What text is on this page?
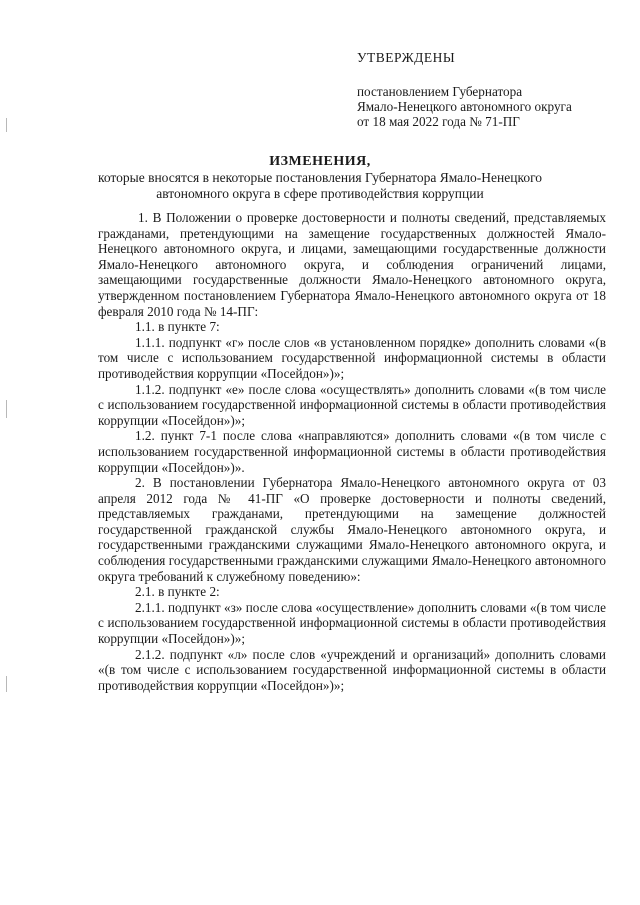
УТВЕРЖДЕНЫ
постановлением Губернатора
Ямало-Ненецкого автономного округа
от 18 мая 2022 года № 71-ПГ
ИЗМЕНЕНИЯ,
которые вносятся в некоторые постановления Губернатора Ямало-Ненецкого
автономного округа в сфере противодействия коррупции

1. В Положении о проверке достоверности и полноты сведений, представляемых гражданами, претендующими на замещение государственных должностей Ямало-Ненецкого автономного округа, и лицами, замещающими государственные должности Ямало-Ненецкого автономного округа, и соблюдения ограничений лицами, замещающими государственные должности Ямало-Ненецкого автономного округа, утвержденном постановлением Губернатора Ямало-Ненецкого автономного округа от 18 февраля 2010 года № 14-ПГ:

1.1. в пункте 7:

1.1.1. подпункт «г» после слов «в установленном порядке» дополнить словами «(в том числе с использованием государственной информационной системы в области противодействия коррупции «Посейдон»)»;

1.1.2. подпункт «е» после слова «осуществлять» дополнить словами «(в том числе с использованием государственной информационной системы в области противодействия коррупции «Посейдон»)»;

1.2. пункт 7-1 после слова «направляются» дополнить словами «(в том числе с использованием государственной информационной системы в области противодействия коррупции «Посейдон»)».

2. В постановлении Губернатора Ямало-Ненецкого автономного округа от 03 апреля 2012 года № 41-ПГ «О проверке достоверности и полноты сведений, представляемых гражданами, претендующими на замещение должностей государственной гражданской службы Ямало-Ненецкого автономного округа, и государственными гражданскими служащими Ямало-Ненецкого автономного округа, и соблюдения государственными гражданскими служащими Ямало-Ненецкого автономного округа требований к служебному поведению»:

2.1. в пункте 2:

2.1.1. подпункт «з» после слова «осуществление» дополнить словами «(в том числе с использованием государственной информационной системы в области противодействия коррупции «Посейдон»)»;

2.1.2. подпункт «л» после слов «учреждений и организаций» дополнить словами «(в том числе с использованием государственной информационной системы в области противодействия коррупции «Посейдон»)»;
